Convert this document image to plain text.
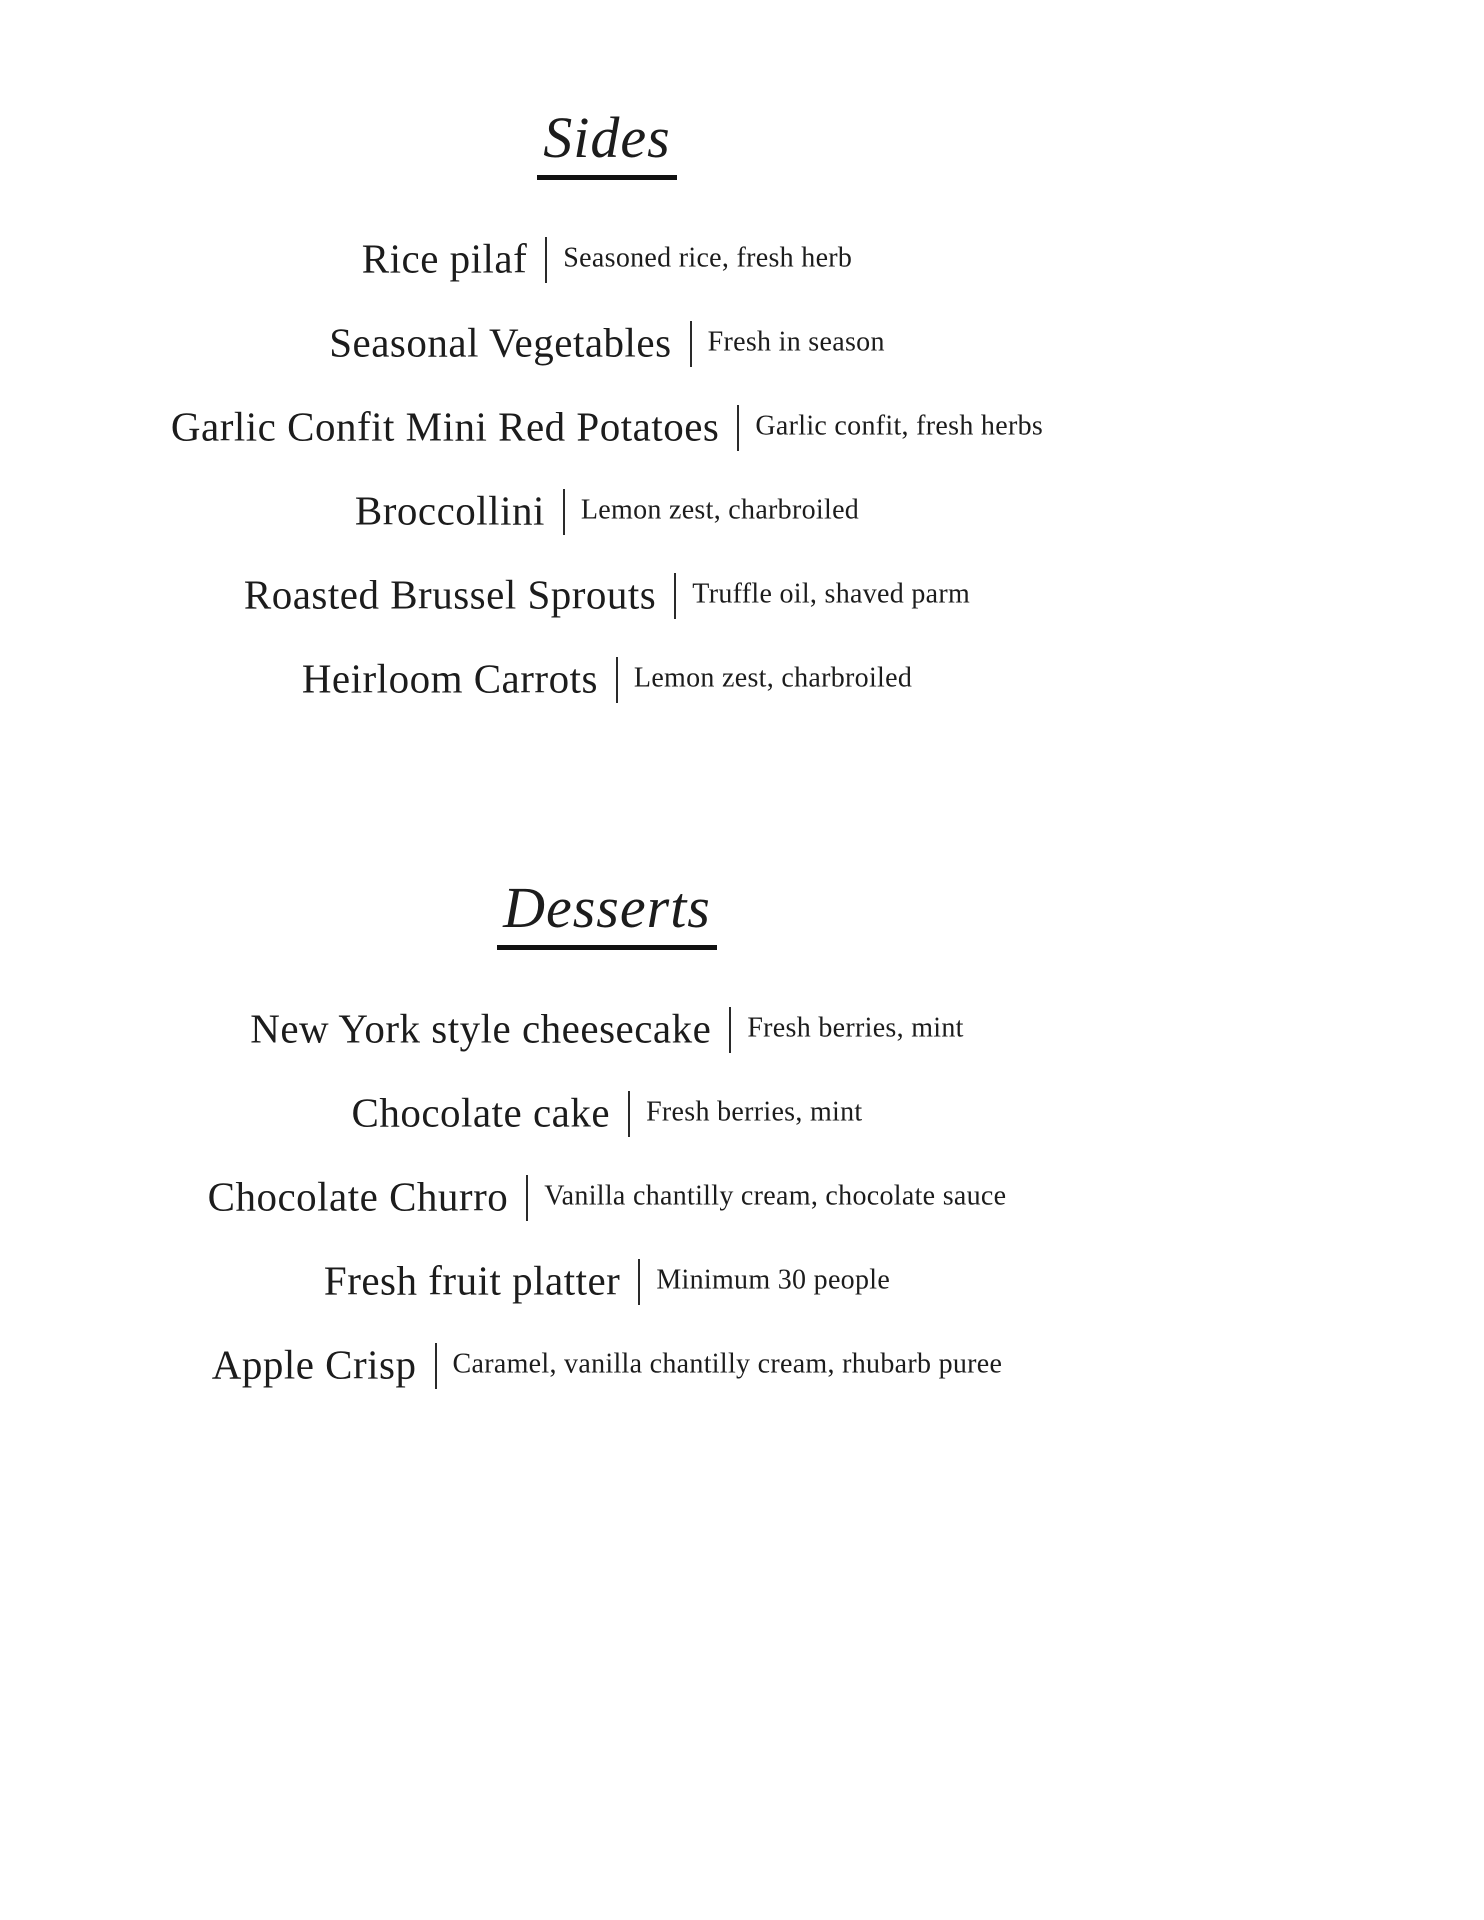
Sides
Rice pilaf Seasoned rice, fresh herb
Seasonal Vegetables Fresh in season
Garlic Confit Mini Red Potatoes Garlic confit, fresh herbs
Broccollini Lemon zest, charbroiled
Roasted Brussel Sprouts Truffle oil, shaved parm
Heirloom Carrots Lemon zest, charbroiled
Desserts
New York style cheesecake Fresh berries, mint
Chocolate cake Fresh berries, mint
Chocolate Churro Vanilla chantilly cream, chocolate sauce
Fresh fruit platter Minimum 30 people
Apple Crisp Caramel, vanilla chantilly cream, rhubarb puree
